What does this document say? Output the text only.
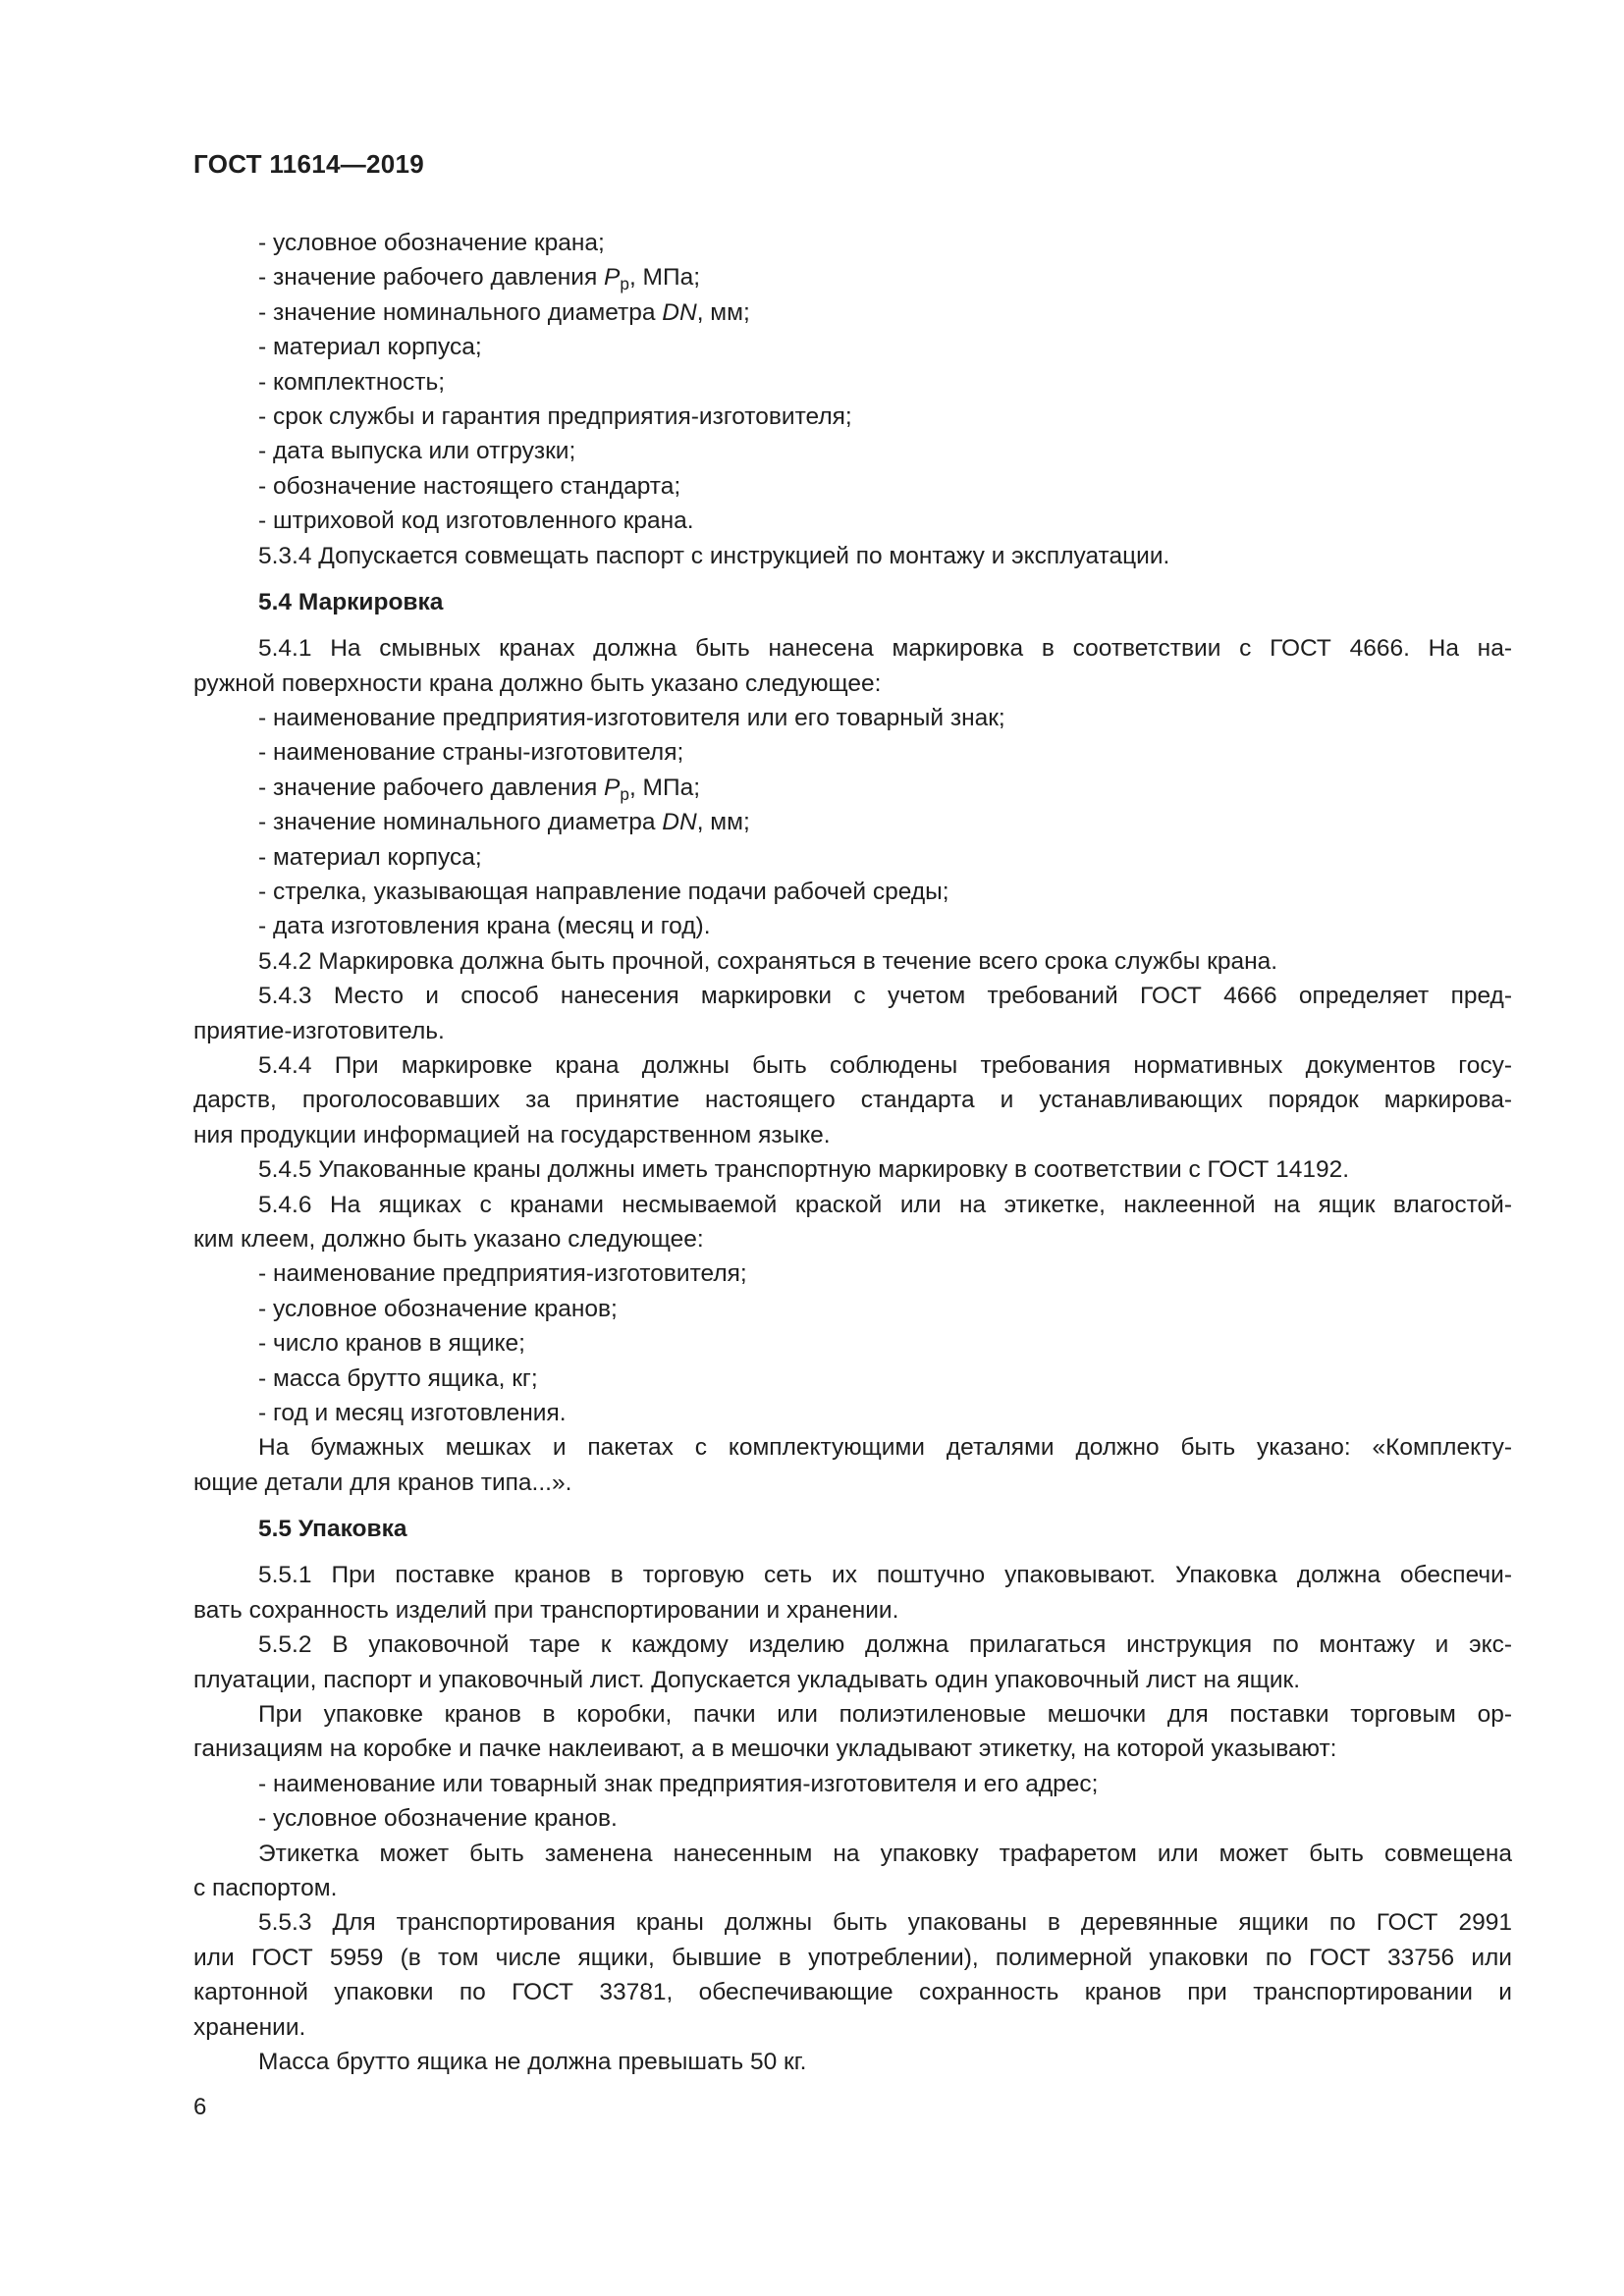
ГОСТ 11614—2019
- условное обозначение крана;
- значение рабочего давления $P_р$, МПа;
- значение номинального диаметра DN, мм;
- материал корпуса;
- комплектность;
- срок службы и гарантия предприятия-изготовителя;
- дата выпуска или отгрузки;
- обозначение настоящего стандарта;
- штриховой код изготовленного крана.
5.3.4 Допускается совмещать паспорт с инструкцией по монтажу и эксплуатации.
5.4 Маркировка
5.4.1 На смывных кранах должна быть нанесена маркировка в соответствии с ГОСТ 4666. На на-
ружной поверхности крана должно быть указано следующее:
- наименование предприятия-изготовителя или его товарный знак;
- наименование страны-изготовителя;
- значение рабочего давления $P_р$, МПа;
- значение номинального диаметра DN, мм;
- материал корпуса;
- стрелка, указывающая направление подачи рабочей среды;
- дата изготовления крана (месяц и год).
5.4.2 Маркировка должна быть прочной, сохраняться в течение всего срока службы крана.
5.4.3 Место и способ нанесения маркировки с учетом требований ГОСТ 4666 определяет пред-
приятие-изготовитель.
5.4.4 При маркировке крана должны быть соблюдены требования нормативных документов госу-
дарств, проголосовавших за принятие настоящего стандарта и устанавливающих порядок маркирова-
ния продукции информацией на государственном языке.
5.4.5 Упакованные краны должны иметь транспортную маркировку в соответствии с ГОСТ 14192.
5.4.6 На ящиках с кранами несмываемой краской или на этикетке, наклеенной на ящик влагостой-
ким клеем, должно быть указано следующее:
- наименование предприятия-изготовителя;
- условное обозначение кранов;
- число кранов в ящике;
- масса брутто ящика, кг;
- год и месяц изготовления.
На бумажных мешках и пакетах с комплектующими деталями должно быть указано: «Комплекту-
ющие детали для кранов типа...».
5.5 Упаковка
5.5.1 При поставке кранов в торговую сеть их поштучно упаковывают. Упаковка должна обеспечи-
вать сохранность изделий при транспортировании и хранении.
5.5.2 В упаковочной таре к каждому изделию должна прилагаться инструкция по монтажу и экс-
плуатации, паспорт и упаковочный лист. Допускается укладывать один упаковочный лист на ящик.
При упаковке кранов в коробки, пачки или полиэтиленовые мешочки для поставки торговым ор-
ганизациям на коробке и пачке наклеивают, а в мешочки укладывают этикетку, на которой указывают:
- наименование или товарный знак предприятия-изготовителя и его адрес;
- условное обозначение кранов.
Этикетка может быть заменена нанесенным на упаковку трафаретом или может быть совмещена
с паспортом.
5.5.3 Для транспортирования краны должны быть упакованы в деревянные ящики по ГОСТ 2991
или ГОСТ 5959 (в том числе ящики, бывшие в употреблении), полимерной упаковки по ГОСТ 33756 или
картонной упаковки по ГОСТ 33781, обеспечивающие сохранность кранов при транспортировании и
хранении.
Масса брутто ящика не должна превышать 50 кг.
6
